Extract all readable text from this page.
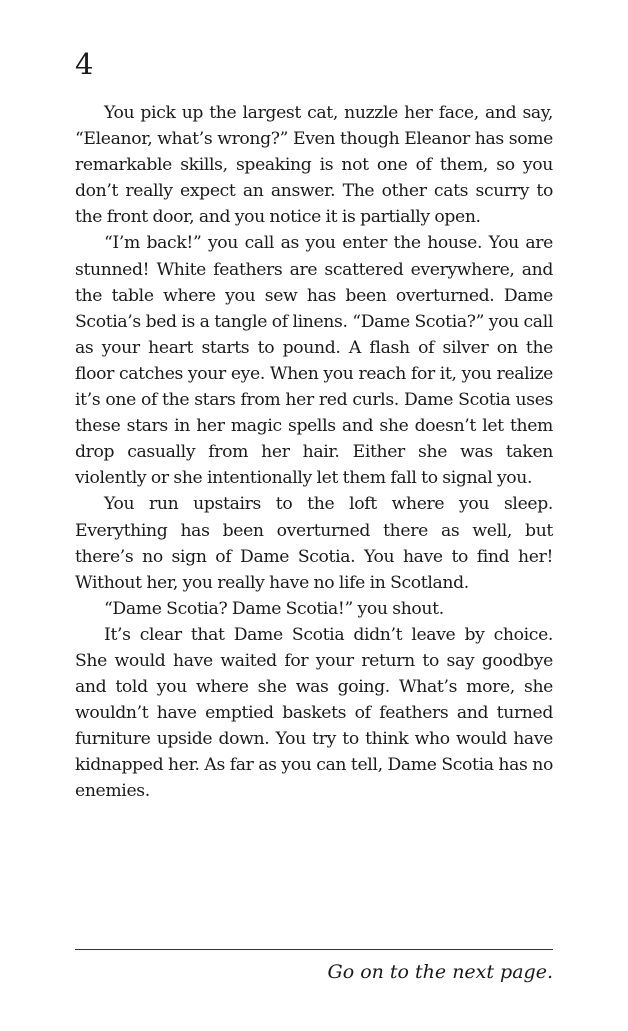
4

You pick up the largest cat, nuzzle her face, and say, “Eleanor, what’s wrong?” Even though Eleanor has some remarkable skills, speaking is not one of them, so you don’t really expect an answer. The other cats scurry to the front door, and you notice it is partially open.

“I’m back!” you call as you enter the house. You are stunned! White feathers are scattered everywhere, and the table where you sew has been overturned. Dame Scotia’s bed is a tangle of linens. “Dame Scotia?” you call as your heart starts to pound. A flash of silver on the floor catches your eye. When you reach for it, you realize it’s one of the stars from her red curls. Dame Scotia uses these stars in her magic spells and she doesn’t let them drop casually from her hair. Either she was taken violently or she intentionally let them fall to signal you.

You run upstairs to the loft where you sleep. Everything has been overturned there as well, but there’s no sign of Dame Scotia. You have to find her! Without her, you really have no life in Scotland.

“Dame Scotia? Dame Scotia!” you shout.

It’s clear that Dame Scotia didn’t leave by choice. She would have waited for your return to say goodbye and told you where she was going. What’s more, she wouldn’t have emptied baskets of feathers and turned furniture upside down. You try to think who would have kidnapped her. As far as you can tell, Dame Scotia has no enemies.

Go on to the next page.
